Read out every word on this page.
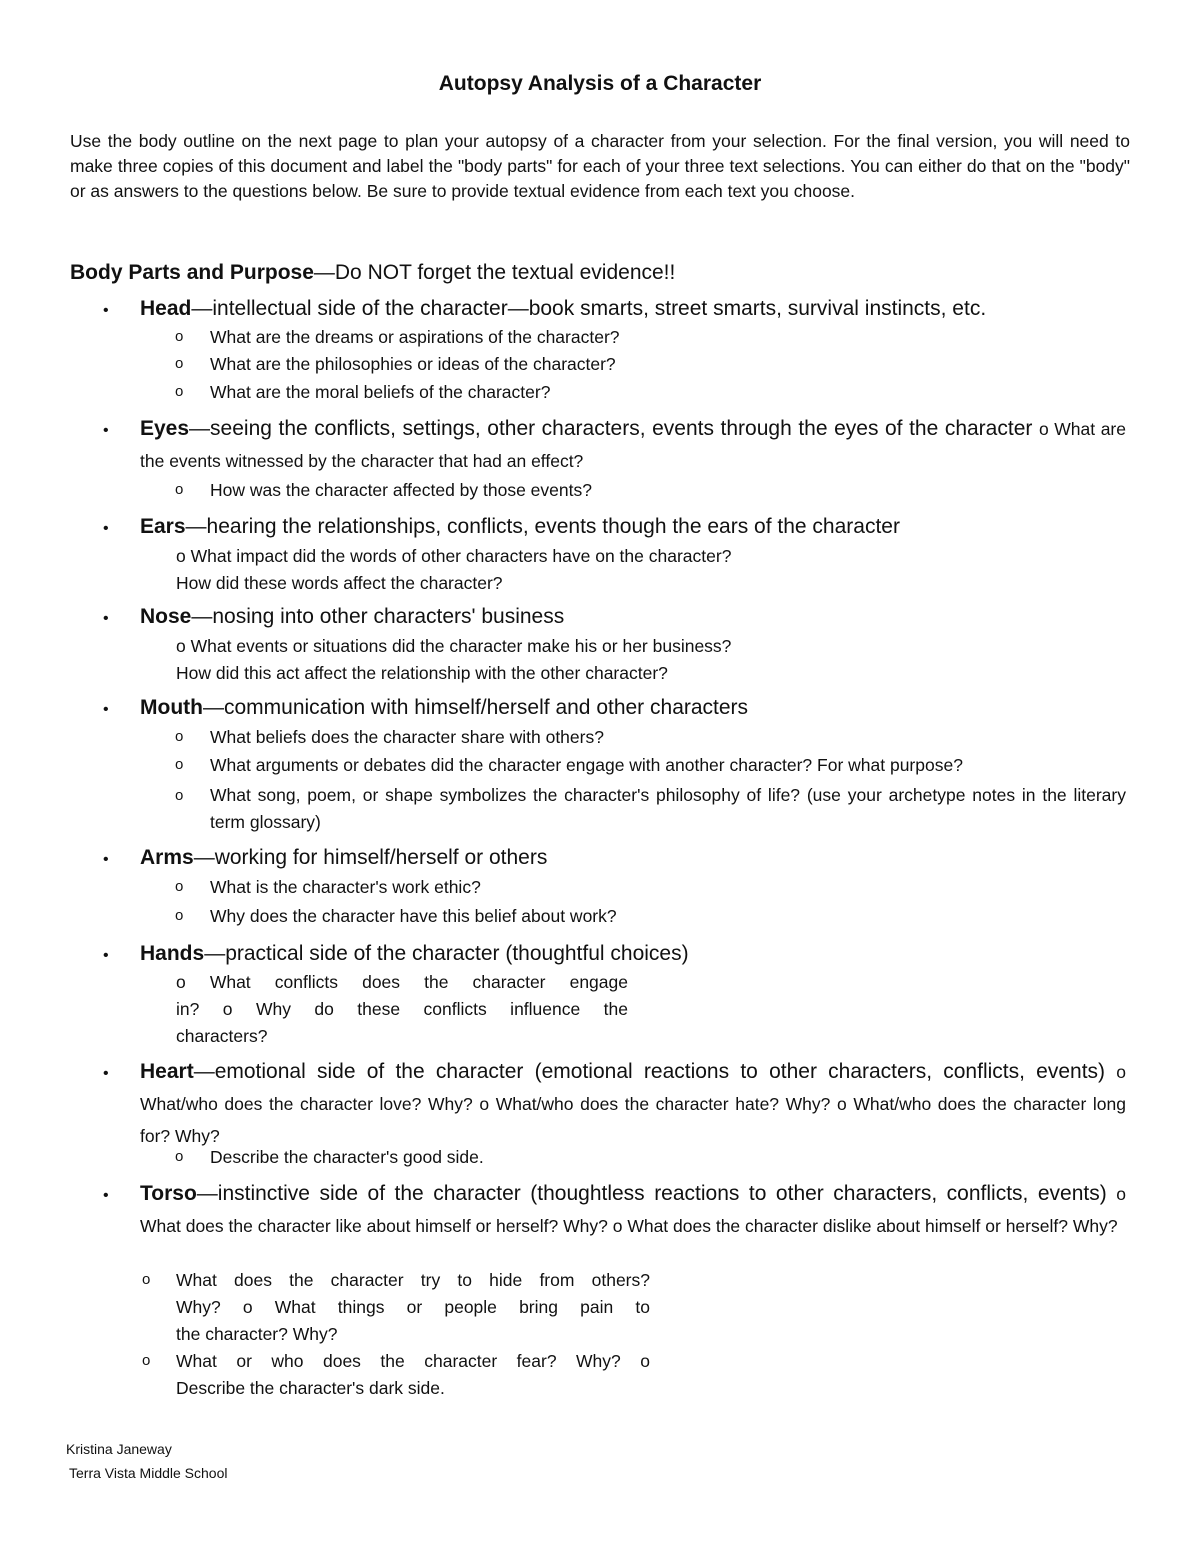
Autopsy Analysis of a Character
Use the body outline on the next page to plan your autopsy of a character from your selection. For the final version, you will need to make three copies of this document and label the "body parts" for each of your three text selections. You can either do that on the "body" or as answers to the questions below. Be sure to provide textual evidence from each text you choose.
Body Parts and Purpose—Do NOT forget the textual evidence!!
• Head—intellectual side of the character—book smarts, street smarts, survival instincts, etc.
o What are the dreams or aspirations of the character?
o What are the philosophies or ideas of the character?
o What are the moral beliefs of the character?
• Eyes—seeing the conflicts, settings, other characters, events through the eyes of the character o What are the events witnessed by the character that had an effect?
o How was the character affected by those events?
• Ears—hearing the relationships, conflicts, events though the ears of the character
o What impact did the words of other characters have on the character?
How did these words affect the character?
• Nose—nosing into other characters' business
o What events or situations did the character make his or her business?
How did this act affect the relationship with the other character?
• Mouth—communication with himself/herself and other characters
o What beliefs does the character share with others?
o What arguments or debates did the character engage with another character? For what purpose?
o What song, poem, or shape symbolizes the character's philosophy of life? (use your archetype notes in the literary term glossary)
• Arms—working for himself/herself or others
o What is the character's work ethic?
o Why does the character have this belief about work?
• Hands—practical side of the character (thoughtful choices)
o What conflicts does the character engage
in? o Why do these conflicts influence the
characters?
• Heart—emotional side of the character (emotional reactions to other characters, conflicts, events) o What/who does the character love? Why? o What/who does the character hate? Why? o What/who does the character long for? Why?
o Describe the character's good side.
• Torso—instinctive side of the character (thoughtless reactions to other characters, conflicts, events) o What does the character like about himself or herself? Why? o What does the character dislike about himself or herself? Why?
o What does the character try to hide from others?
Why? o What things or people bring pain to
the character? Why?
o What or who does the character fear? Why? o
Describe the character's dark side.
Kristina Janeway
Terra Vista Middle School
